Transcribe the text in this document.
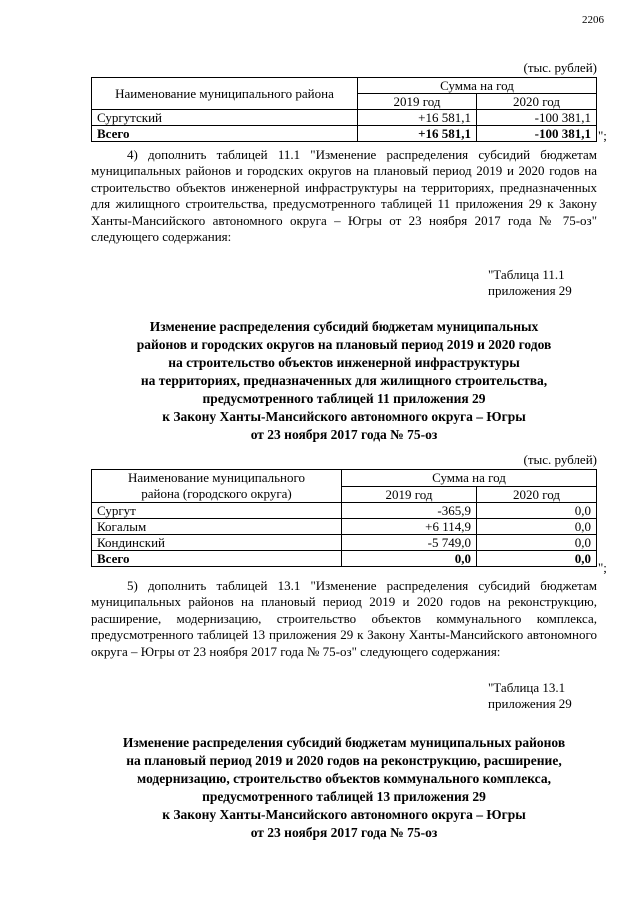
2206
(тыс. рублей)
Наименование муниципального района	Сумма на год	
	2019 год	2020 год
Сургутский	+16 581,1	-100 381,1
Всего	+16 581,1	-100 381,1 ";

4) дополнить таблицей 11.1 "Изменение распределения субсидий бюджетам муниципальных районов и городских округов на плановый период 2019 и 2020 годов на строительство объектов инженерной инфраструктуры на территориях, предназначенных для жилищного строительства, предусмотренного таблицей 11 приложения 29 к Закону Ханты-Мансийского автономного округа – Югры от 23 ноября 2017 года № 75-оз" следующего содержания:

"Таблица 11.1
приложения 29
Изменение распределения субсидий бюджетам муниципальных
районов и городских округов на плановый период 2019 и 2020 годов
на строительство объектов инженерной инфраструктуры
на территориях, предназначенных для жилищного строительства,
предусмотренного таблицей 11 приложения 29
к Закону Ханты-Мансийского автономного округа – Югры
от 23 ноября 2017 года № 75-оз
(тыс. рублей)
Наименование муниципального
района (городского округа)	Сумма на год	
	2019 год	2020 год
Сургут	-365,9	0,0
Когалым	+6 114,9	0,0
Кондинский	-5 749,0	0,0
Всего	0,0	0,0
";

5) дополнить таблицей 13.1 "Изменение распределения субсидий бюджетам муниципальных районов на плановый период 2019 и 2020 годов на реконструкцию, расширение, модернизацию, строительство объектов коммунального комплекса, предусмотренного таблицей 13 приложения 29 к Закону Ханты-Мансийского автономного округа – Югры от 23 ноября 2017 года № 75-оз" следующего содержания:

"Таблица 13.1
приложения 29
Изменение распределения субсидий бюджетам муниципальных районов
на плановый период 2019 и 2020 годов на реконструкцию, расширение,
модернизацию, строительство объектов коммунального комплекса,
предусмотренного таблицей 13 приложения 29
к Закону Ханты-Мансийского автономного округа – Югры
от 23 ноября 2017 года № 75-оз
